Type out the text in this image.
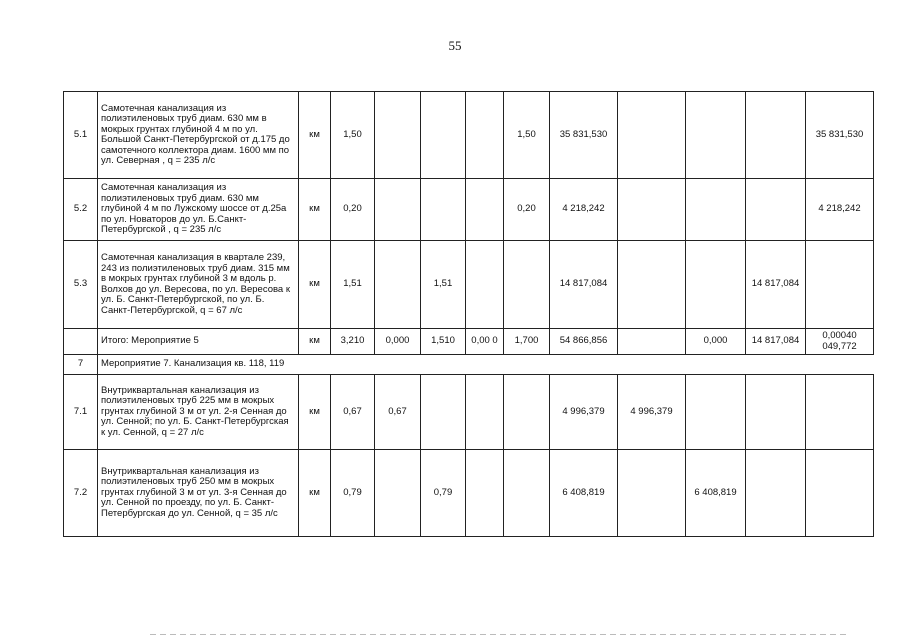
55
5.1	Самотечная канализация из полиэтиленовых труб диам. 630 мм в мокрых грунтах глубиной 4 м по ул. Большой Санкт-Петербургской от д.175 до самотечного коллектора диам. 1600 мм по ул. Северная , q = 235 л/с	км	1,50				1,50	35 831,530				35 831,530
5.2	Самотечная канализация из полиэтиленовых труб диам. 630 мм глубиной 4 м по Лужскому шоссе от д.25а по ул. Новаторов до ул. Б.Санкт-Петербургской , q = 235 л/с	км	0,20				0,20	4 218,242				4 218,242
5.3	Самотечная канализация в квартале 239, 243 из полиэтиленовых труб диам. 315 мм в мокрых грунтах глубиной 3 м вдоль р. Волхов до ул. Вересова, по ул. Вересова к ул. Б. Санкт-Петербургской, по ул. Б. Санкт-Петербургской, q = 67 л/с	км	1,51		1,51			14 817,084			14 817,084	
	Итого: Мероприятие 5	км	3,210	0,000	1,510	0,00 0	1,700	54 866,856		0,000	14 817,084	0,00040 049,772
7	Мероприятие 7. Канализация кв. 118, 119											
7.1	Внутриквартальная канализация из полиэтиленовых труб 225 мм в мокрых грунтах глубиной 3 м от ул. 2-я Сенная до ул. Сенной; по ул. Б. Санкт-Петербургская к ул. Сенной, q = 27 л/с	км	0,67	0,67				4 996,379	4 996,379			
7.2	Внутриквартальная канализация из полиэтиленовых труб 250 мм в мокрых грунтах глубиной 3 м от ул. 3-я Сенная до ул. Сенной по проезду, по ул. Б. Санкт-Петербургская до ул. Сенной, q = 35 л/с	км	0,79		0,79			6 408,819		6 408,819		
